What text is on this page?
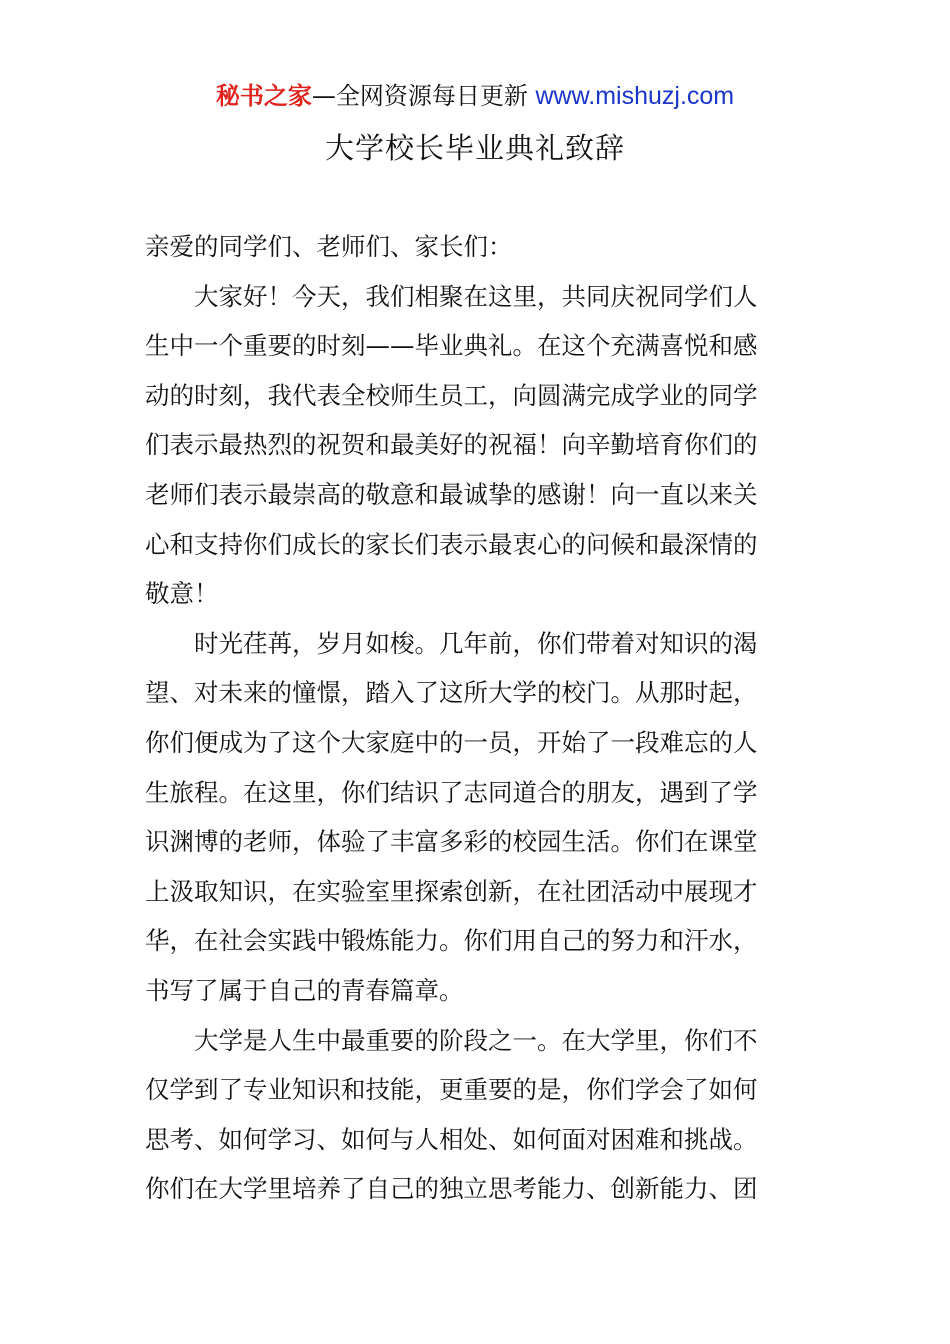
秘书之家—全网资源每日更新 www.mishuzj.com
大学校长毕业典礼致辞
亲爱的同学们、老师们、家长们：
大家好！今天，我们相聚在这里，共同庆祝同学们人
生中一个重要的时刻——毕业典礼。在这个充满喜悦和感
动的时刻，我代表全校师生员工，向圆满完成学业的同学
们表示最热烈的祝贺和最美好的祝福！向辛勤培育你们的
老师们表示最崇高的敬意和最诚挚的感谢！向一直以来关
心和支持你们成长的家长们表示最衷心的问候和最深情的
敬意！
时光荏苒，岁月如梭。几年前，你们带着对知识的渴
望、对未来的憧憬，踏入了这所大学的校门。从那时起，
你们便成为了这个大家庭中的一员，开始了一段难忘的人
生旅程。在这里，你们结识了志同道合的朋友，遇到了学
识渊博的老师，体验了丰富多彩的校园生活。你们在课堂
上汲取知识，在实验室里探索创新，在社团活动中展现才
华，在社会实践中锻炼能力。你们用自己的努力和汗水，
书写了属于自己的青春篇章。
大学是人生中最重要的阶段之一。在大学里，你们不
仅学到了专业知识和技能，更重要的是，你们学会了如何
思考、如何学习、如何与人相处、如何面对困难和挑战。
你们在大学里培养了自己的独立思考能力、创新能力、团
